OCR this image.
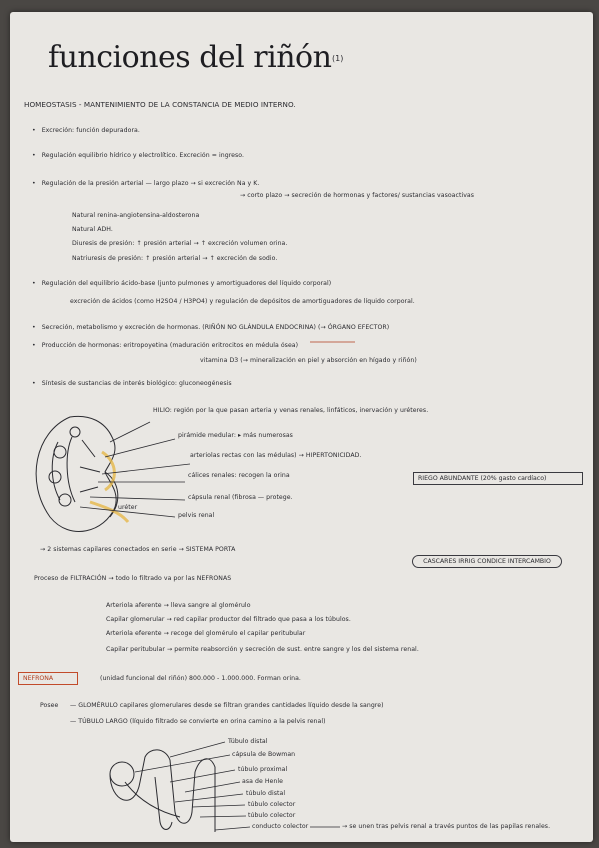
funciones del riñón (1)
HOMEOSTASIS - MANTENIMIENTO DE LA CONSTANCIA DE MEDIO INTERNO.
• Excreción: función depuradora.
• Regulación equilibrio hídrico y electrolítico. Excreción = ingreso.
• Regulación de la presión arterial — largo plazo → si excreción Na y K.
→ corto plazo → secreción de hormonas y factores/ sustancias vasoactivas
Natural renina-angiotensina-aldosterona
Natural ADH.
Diuresis de presión: ↑ presión arterial → ↑ excreción volumen orina.
Natriuresis de presión: ↑ presión arterial → ↑ excreción de sodio.
• Regulación del equilibrio ácido-base (junto pulmones y amortiguadores del líquido corporal)
excreción de ácidos (como H2SO4 / H3PO4) y regulación de depósitos de amortiguadores de líquido corporal.
• Secreción, metabolismo y excreción de hormonas. (RIÑÓN NO GLÁNDULA ENDOCRINA) (→ ÓRGANO EFECTOR)
• Producción de hormonas: eritropoyetina (maduración eritrocitos en médula ósea)
vitamina D3 (→ mineralización en piel y absorción en hígado y riñón)
• Síntesis de sustancias de interés biológico: gluconeogénesis
HILIO: región por la que pasan arteria y venas renales, linfáticos, inervación y uréteres.
pirámide medular: ▸ más numerosas
arteriolas rectas con las médulas) → HIPERTONICIDAD.
cálices renales: recogen la orina
cápsula renal (fibrosa — protege.
uréter
pelvis renal
RIEGO ABUNDANTE (20% gasto cardíaco)
→ 2 sistemas capilares conectados en serie → SISTEMA PORTA
CASCARES IRRIG CONDICE INTERCAMBIO
Proceso de FILTRACIÓN → todo lo filtrado va por las NEFRONAS
Arteriola aferente → lleva sangre al glomérulo
Capilar glomerular → red capilar productor del filtrado que pasa a los túbulos.
Arteriola eferente → recoge del glomérulo el capilar peritubular
Capilar peritubular → permite reabsorción y secreción de sust. entre sangre y los del sistema renal.
NEFRONA	(unidad funcional del riñón) 800.000 - 1.000.000. Forman orina.
Posee — GLOMÉRULO capilares glomerulares desde se filtran grandes cantidades líquido desde la sangre)
— TÚBULO LARGO (líquido filtrado se convierte en orina camino a la pelvis renal)
Túbulo distal
cápsula de Bowman
túbulo proximal
asa de Henle
túbulo distal
túbulo colector
túbulo colector
conducto colector	→ se unen tras pelvis renal a través puntos de las papilas renales.
